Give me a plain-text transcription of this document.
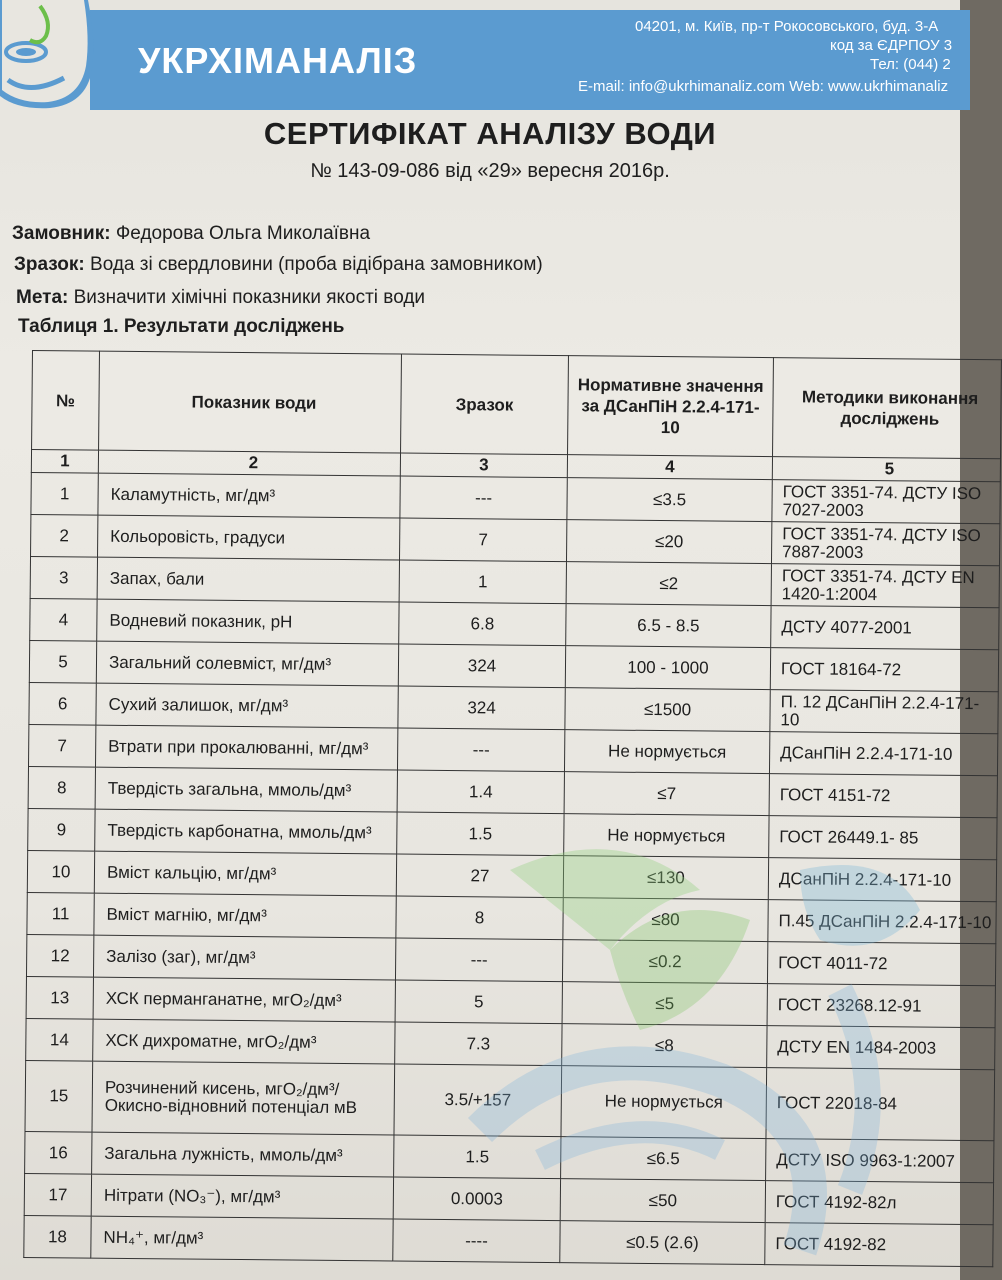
УКРХІМАНАЛІЗ
04201, м. Київ, пр-т Рокосовського, буд. 3-А
код за ЄДРПОУ 3
Тел: (044) 2
E-mail: info@ukrhimanaliz.com Web: www.ukrhimanaliz
СЕРТИФІКАТ АНАЛІЗУ ВОДИ
№ 143-09-086 від «29» вересня 2016р.
Замовник: Федорова Ольга Миколаївна
Зразок: Вода зі свердловини (проба відібрана замовником)
Мета: Визначити хімічні показники якості води
Таблиця 1. Результати досліджень
№	Показник води	Зразок	Нормативне значення за ДСанПіН 2.2.4-171-10	Методики виконання досліджень
1	2	3	4	5
1	Каламутність, мг/дм³	---	≤3.5	ГОСТ 3351-74. ДСТУ ISO 7027-2003
2	Кольоровість, градуси	7	≤20	ГОСТ 3351-74. ДСТУ ISO 7887-2003
3	Запах, бали	1	≤2	ГОСТ 3351-74. ДСТУ EN 1420-1:2004
4	Водневий показник, pH	6.8	6.5 - 8.5	ДСТУ 4077-2001
5	Загальний солевміст, мг/дм³	324	100 - 1000	ГОСТ 18164-72
6	Сухий залишок, мг/дм³	324	≤1500	П. 12 ДСанПіН 2.2.4-171-10
7	Втрати при прокалюванні, мг/дм³	---	Не нормується	ДСанПіН 2.2.4-171-10
8	Твердість загальна, ммоль/дм³	1.4	≤7	ГОСТ 4151-72
9	Твердість карбонатна, ммоль/дм³	1.5	Не нормується	ГОСТ 26449.1- 85
10	Вміст кальцію, мг/дм³	27	≤130	ДСанПіН 2.2.4-171-10
11	Вміст магнію, мг/дм³	8	≤80	П.45 ДСанПіН 2.2.4-171-10
12	Залізо (заг), мг/дм³	---	≤0.2	ГОСТ 4011-72
13	ХСК перманганатне, мгО₂/дм³	5	≤5	ГОСТ 23268.12-91
14	ХСК дихроматне, мгО₂/дм³	7.3	≤8	ДСТУ EN 1484-2003
15	Розчинений кисень, мгО₂/дм³/Окисно-відновний потенціал мВ	3.5/+157	Не нормується	ГОСТ 22018-84
16	Загальна лужність, ммоль/дм³	1.5	≤6.5	ДСТУ ISO 9963-1:2007
17	Нітрати (NO₃⁻), мг/дм³	0.0003	≤50	ГОСТ 4192-82л
18	NH₄⁺, мг/дм³	----	≤0.5 (2.6)	ГОСТ 4192-82
